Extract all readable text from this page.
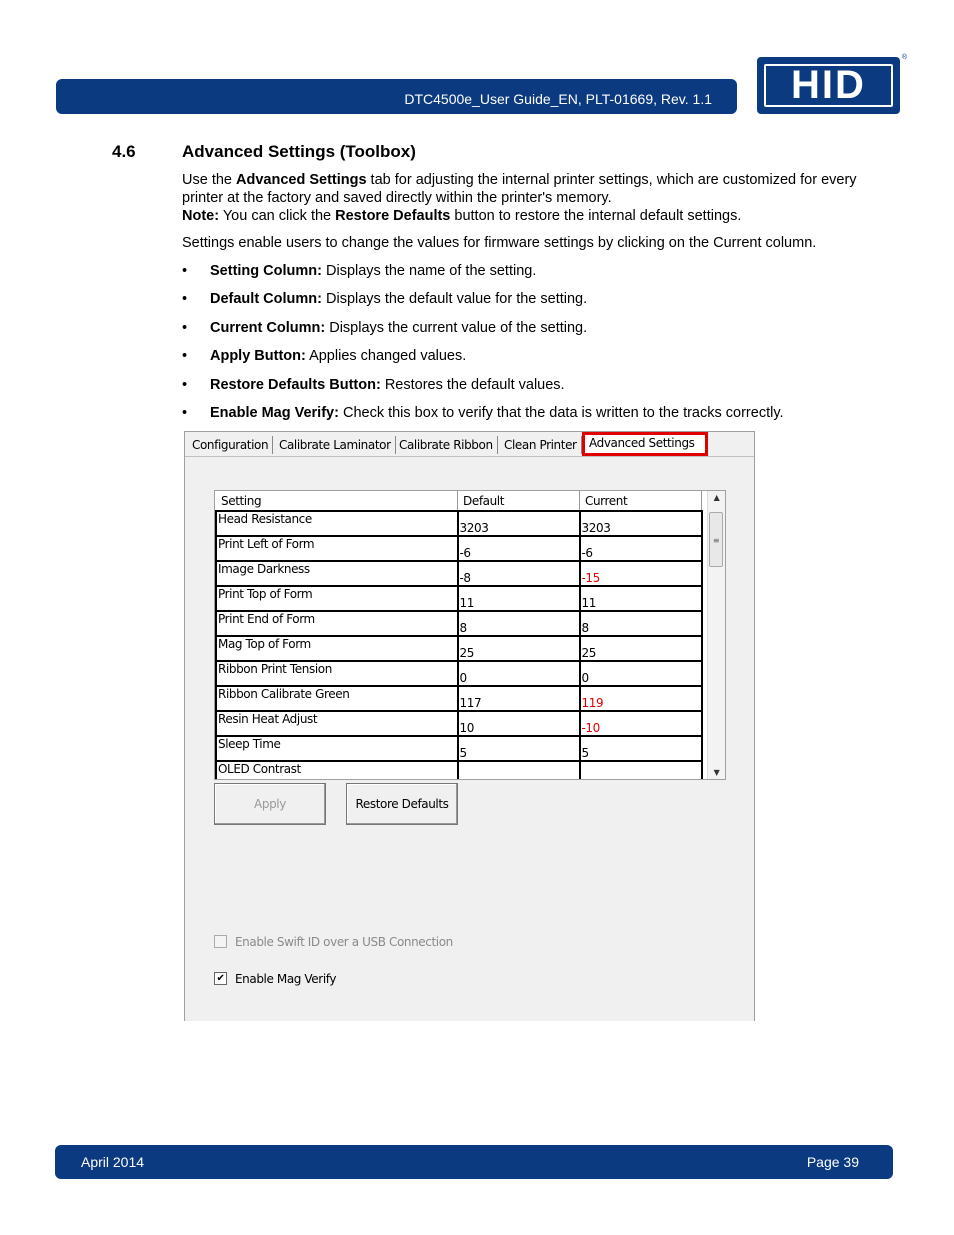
DTC4500e_User Guide_EN, PLT-01669, Rev. 1.1	HID
®
4.6	Advanced Settings (Toolbox)
Use the Advanced Settings tab for adjusting the internal printer settings, which are customized for every printer at the factory and saved directly within the printer's memory.
Note: You can click the Restore Defaults button to restore the internal default settings.
Settings enable users to change the values for firmware settings by clicking on the Current column.
• Setting Column: Displays the name of the setting.
• Default Column: Displays the default value for the setting.
• Current Column: Displays the current value of the setting.
• Apply Button: Applies changed values.
• Restore Defaults Button: Restores the default values.
• Enable Mag Verify: Check this box to verify that the data is written to the tracks correctly.
Configuration Calibrate Laminator Calibrate Ribbon Clean Printer	Advanced Settings
Setting	Default	Current
Head Resistance	3203	3203
Print Left of Form	-6	-6
Image Darkness	-8	-15
Print Top of Form	11	11
Print End of Form	8	8
Mag Top of Form	25	25
Ribbon Print Tension	0	0
Ribbon Calibrate Green	117	119
Resin Heat Adjust	10	-10
Sleep Time	5	5
OLED Contrast		
▲
≡
▼
Apply	Restore Defaults
Enable Swift ID over a USB Connection
✔ Enable Mag Verify
April 2014	Page 39
